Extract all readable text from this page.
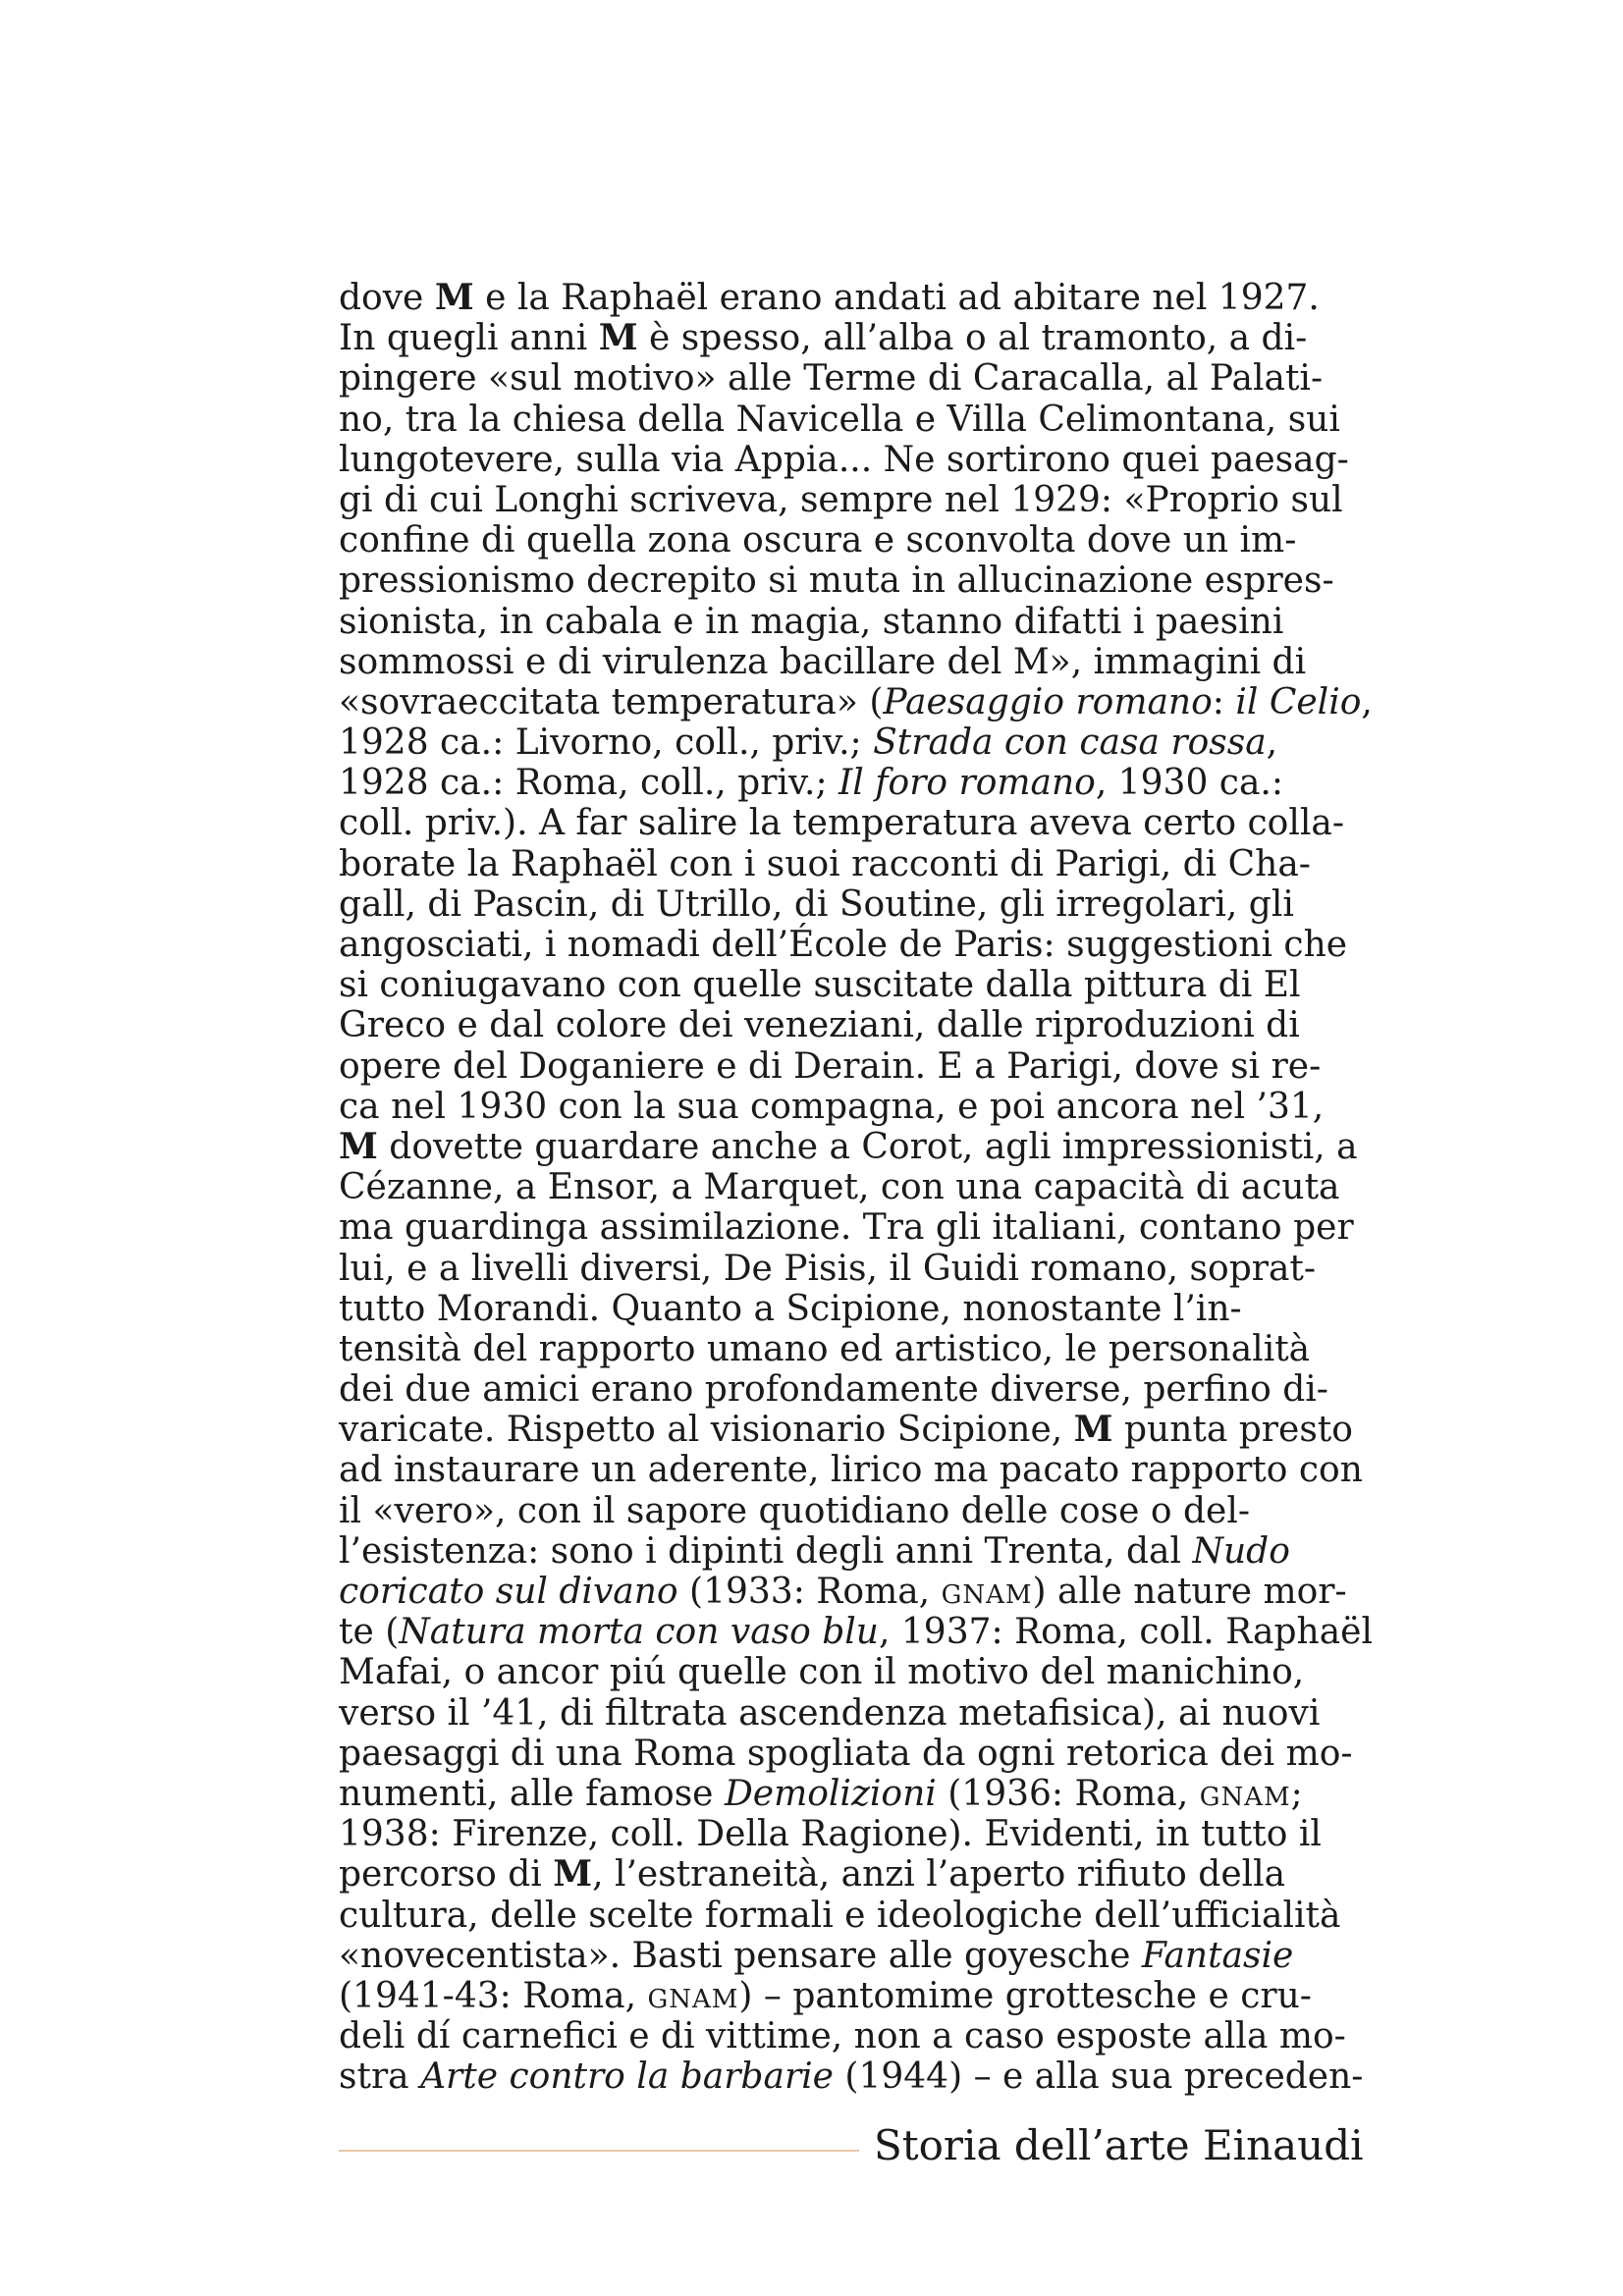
dove M e la Raphaël erano andati ad abitare nel 1927.
In quegli anni M è spesso, all’alba o al tramonto, a di-
pingere «sul motivo» alle Terme di Caracalla, al Palati-
no, tra la chiesa della Navicella e Villa Celimontana, sui
lungotevere, sulla via Appia... Ne sortirono quei paesag-
gi di cui Longhi scriveva, sempre nel 1929: «Proprio sul
confine di quella zona oscura e sconvolta dove un im-
pressionismo decrepito si muta in allucinazione espres-
sionista, in cabala e in magia, stanno difatti i paesini
sommossi e di virulenza bacillare del M», immagini di
«sovraeccitata temperatura» (Paesaggio romano: il Celio,
1928 ca.: Livorno, coll., priv.; Strada con casa rossa,
1928 ca.: Roma, coll., priv.; Il foro romano, 1930 ca.:
coll. priv.). A far salire la temperatura aveva certo colla-
borate la Raphaël con i suoi racconti di Parigi, di Cha-
gall, di Pascin, di Utrillo, di Soutine, gli irregolari, gli
angosciati, i nomadi dell’École de Paris: suggestioni che
si coniugavano con quelle suscitate dalla pittura di El
Greco e dal colore dei veneziani, dalle riproduzioni di
opere del Doganiere e di Derain. E a Parigi, dove si re-
ca nel 1930 con la sua compagna, e poi ancora nel ’31,
M dovette guardare anche a Corot, agli impressionisti, a
Cézanne, a Ensor, a Marquet, con una capacità di acuta
ma guardinga assimilazione. Tra gli italiani, contano per
lui, e a livelli diversi, De Pisis, il Guidi romano, soprat-
tutto Morandi. Quanto a Scipione, nonostante l’in-
tensità del rapporto umano ed artistico, le personalità
dei due amici erano profondamente diverse, perfino di-
varicate. Rispetto al visionario Scipione, M punta presto
ad instaurare un aderente, lirico ma pacato rapporto con
il «vero», con il sapore quotidiano delle cose o del-
l’esistenza: sono i dipinti degli anni Trenta, dal Nudo
coricato sul divano (1933: Roma, GNAM) alle nature mor-
te (Natura morta con vaso blu, 1937: Roma, coll. Raphaël
Mafai, o ancor piú quelle con il motivo del manichino,
verso il ’41, di filtrata ascendenza metafisica), ai nuovi
paesaggi di una Roma spogliata da ogni retorica dei mo-
numenti, alle famose Demolizioni (1936: Roma, GNAM;
1938: Firenze, coll. Della Ragione). Evidenti, in tutto il
percorso di M, l’estraneità, anzi l’aperto rifiuto della
cultura, delle scelte formali e ideologiche dell’ufficialità
«novecentista». Basti pensare alle goyesche Fantasie
(1941-43: Roma, GNAM) – pantomime grottesche e cru-
deli dí carnefici e di vittime, non a caso esposte alla mo-
stra Arte contro la barbarie (1944) – e alla sua preceden-
Storia dell’arte Einaudi
